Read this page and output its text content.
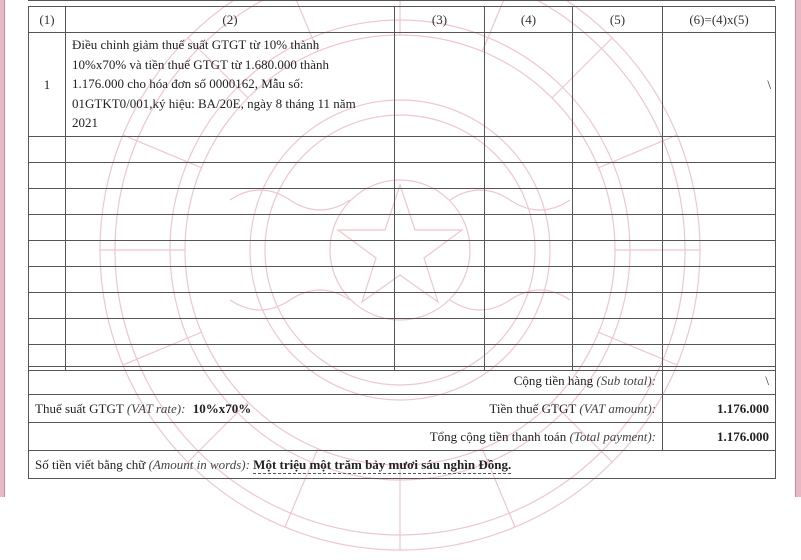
(1)	(2)	(3)	(4)	(5)	(6)=(4)x(5)
1	Điều chỉnh giảm thuế suất GTGT từ 10% thành
10%x70% và tiền thuế GTGT từ 1.680.000 thành
1.176.000 cho hóa đơn số 0000162, Mẫu số:
01GTKT0/001,ký hiệu: BA/20E, ngày 8 tháng 11 năm
2021				\

Cộng tiền hàng (Sub total):	\

Thuế suất GTGT (VAT rate): 10%x70% Tiền thuế GTGT (VAT amount):	1.176.000
Tổng cộng tiền thanh toán (Total payment):	1.176.000
Số tiền viết bằng chữ (Amount in words): Một triệu một trăm bảy mươi sáu nghìn Đồng.	
